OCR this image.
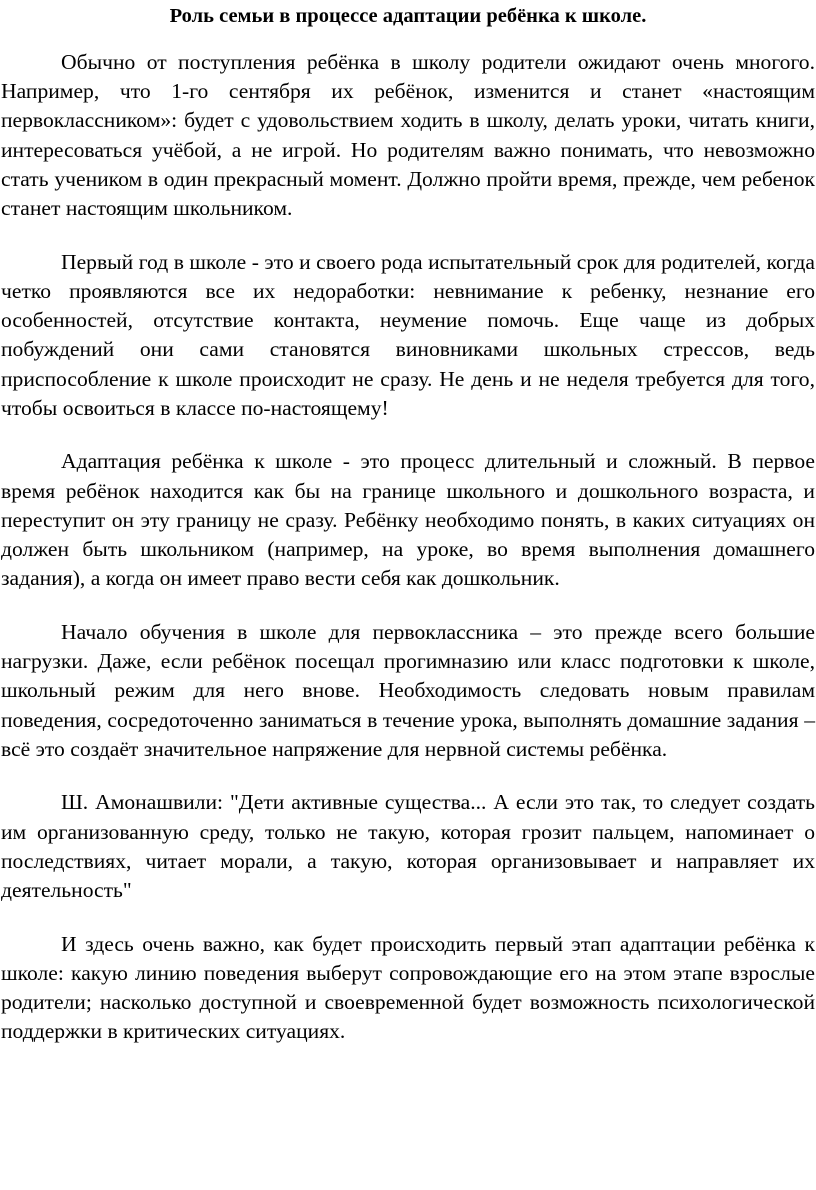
Роль семьи в процессе адаптации ребёнка к школе.

Обычно от поступления ребёнка в школу родители ожидают очень многого. Например, что 1-го сентября их ребёнок, изменится и станет «настоящим первоклассником»: будет с удовольствием ходить в школу, делать уроки, читать книги, интересоваться учёбой, а не игрой. Но родителям важно понимать, что невозможно стать учеником в один прекрасный момент. Должно пройти время, прежде, чем ребенок станет настоящим школьником.

Первый год в школе - это и своего рода испытательный срок для родителей, когда четко проявляются все их недоработки: невнимание к ребенку, незнание его особенностей, отсутствие контакта, неумение помочь. Еще чаще из добрых побуждений они сами становятся виновниками школьных стрессов, ведь приспособление к школе происходит не сразу. Не день и не неделя требуется для того, чтобы освоиться в классе по-настоящему!

Адаптация ребёнка к школе - это процесс длительный и сложный. В первое время ребёнок находится как бы на границе школьного и дошкольного возраста, и переступит он эту границу не сразу. Ребёнку необходимо понять, в каких ситуациях он должен быть школьником (например, на уроке, во время выполнения домашнего задания), а когда он имеет право вести себя как дошкольник.

Начало обучения в школе для первоклассника – это прежде всего большие нагрузки. Даже, если ребёнок посещал прогимназию или класс подготовки к школе, школьный режим для него внове. Необходимость следовать новым правилам поведения, сосредоточенно заниматься в течение урока, выполнять домашние задания – всё это создаёт значительное напряжение для нервной системы ребёнка.

Ш. Амонашвили: "Дети активные существа... А если это так, то следует создать им организованную среду, только не такую, которая грозит пальцем, напоминает о последствиях, читает морали, а такую, которая организовывает и направляет их деятельность"

И здесь очень важно, как будет происходить первый этап адаптации ребёнка к школе: какую линию поведения выберут сопровождающие его на этом этапе взрослые родители; насколько доступной и своевременной будет возможность психологической поддержки в критических ситуациях.
